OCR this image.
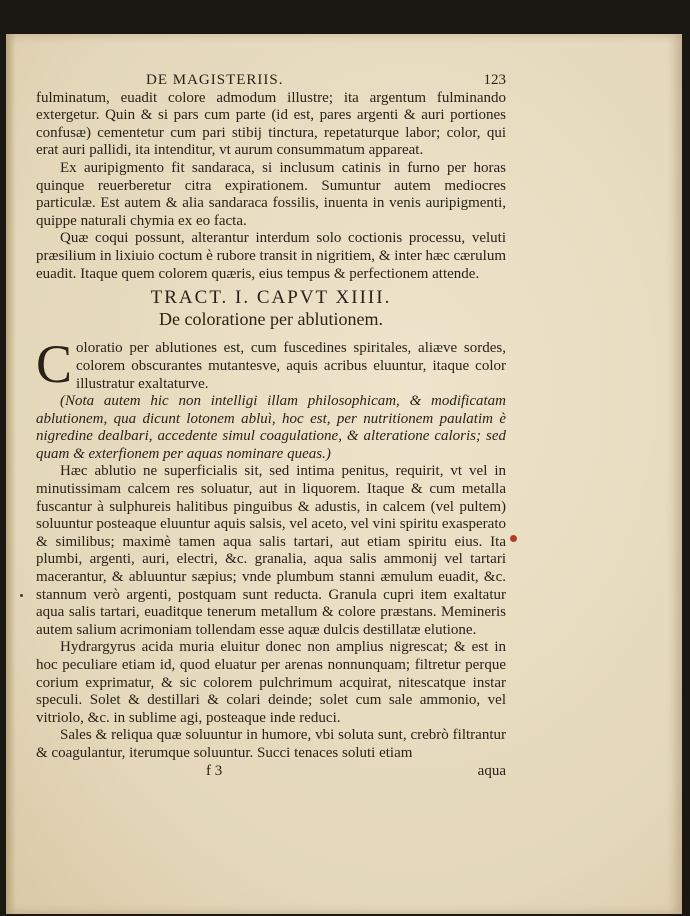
DE MAGISTERIIS.	123

fulminatum, euadit colore admodum illustre; ita argentum fulminando extergetur. Quin & si pars cum parte (id est, pares argenti & auri portiones confusæ) cementetur cum pari stibij tinctura, repetaturque labor; color, qui erat auri pallidi, ita intenditur, vt aurum consummatum appareat.

Ex auripigmento fit sandaraca, si inclusum catinis in furno per horas quinque reuerberetur citra expirationem. Sumuntur autem mediocres particulæ. Est autem & alia sandaraca fossilis, inuenta in venis auripigmenti, quippe naturali chymia ex eo facta.

Quæ coqui possunt, alterantur interdum solo coctionis processu, veluti præsilium in lixiuio coctum è rubore transit in nigritiem, & inter hæc cærulum euadit. Itaque quem colorem quæris, eius tempus & perfectionem attende.

TRACT. I. CAPVT XIIII.
De coloratione per ablutionem.

Coloratio per ablutiones est, cum fuscedines spiritales, aliæve sordes, colorem obscurantes mutantesve, aquis acribus eluuntur, itaque color illustratur exaltaturve.

(Nota autem hic non intelligi illam philosophicam, & modificatam ablutionem, qua dicunt lotonem abluì, hoc est, per nutritionem paulatim è nigredine dealbari, accedente simul coagulatione, & alteratione caloris; sed quam & exterfionem per aquas nominare queas.)

Hæc ablutio ne superficialis sit, sed intima penitus, requirit, vt vel in minutissimam calcem res soluatur, aut in liquorem. Itaque & cum metalla fuscantur à sulphureis halitibus pinguibus & adustis, in calcem (vel pultem) soluuntur posteaque eluuntur aquis salsis, vel aceto, vel vini spiritu exasperato & similibus; maximè tamen aqua salis tartari, aut etiam spiritu eius. Ita plumbi, argenti, auri, electri, &c. granalia, aqua salis ammonij vel tartari macerantur, & abluuntur sæpius; vnde plumbum stanni æmulum euadit, &c. stannum verò argenti, postquam sunt reducta. Granula cupri item exaltatur aqua salis tartari, euaditque tenerum metallum & colore præstans. Memineris autem salium acrimoniam tollendam esse aquæ dulcis destillatæ elutione.

Hydrargyrus acida muria eluitur donec non amplius nigrescat; & est in hoc peculiare etiam id, quod eluatur per arenas nonnunquam; filtretur perque corium exprimatur, & sic colorem pulchrimum acquirat, nitescatque instar speculi. Solet & destillari & colari deinde; solet cum sale ammonio, vel vitriolo, &c. in sublime agi, posteaque inde reduci.

Sales & reliqua quæ soluuntur in humore, vbi soluta sunt, crebrò filtrantur & coagulantur, iterumque soluuntur. Succi tenaces soluti etiam

f 3	aqua
